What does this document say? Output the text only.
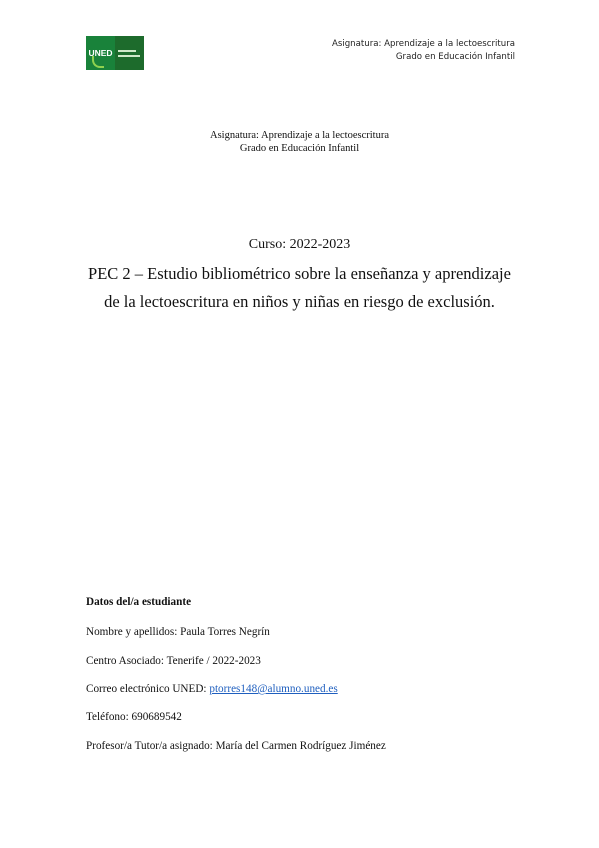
UNED
Asignatura: Aprendizaje a la lectoescritura
Grado en Educación Infantil
Asignatura: Aprendizaje a la lectoescritura
Grado en Educación Infantil
Curso: 2022-2023
PEC 2 – Estudio bibliométrico sobre la enseñanza y aprendizaje
de la lectoescritura en niños y niñas en riesgo de exclusión.
Datos del/a estudiante
Nombre y apellidos: Paula Torres Negrín
Centro Asociado: Tenerife / 2022-2023
Correo electrónico UNED: ptorres148@alumno.uned.es
Teléfono: 690689542
Profesor/a Tutor/a asignado: María del Carmen Rodríguez Jiménez
